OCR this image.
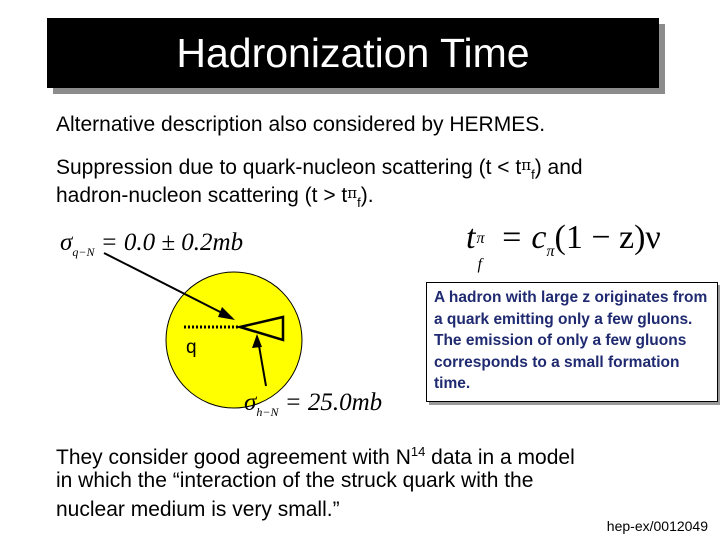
Hadronization Time
Alternative description also considered by HERMES.
Suppression due to quark-nucleon scattering $(t < t\pi_f)$ and
hadron-nucleon scattering $(t > t\pi_f)$.
$\sigma_{q-N} = 0.0 \pm 0.2mb$	t π
f
= $c_\pi(1 - z)\nu$
q
$\sigma_{h-N} = 25.0mb$
A hadron with large z originates from a quark emitting only a few gluons. The emission of only a few gluons corresponds to a small formation time.
They consider good agreement with $N^{14}$ data in a model
in which the “interaction of the struck quark with the
nuclear medium is very small.”
hep-ex/0012049
